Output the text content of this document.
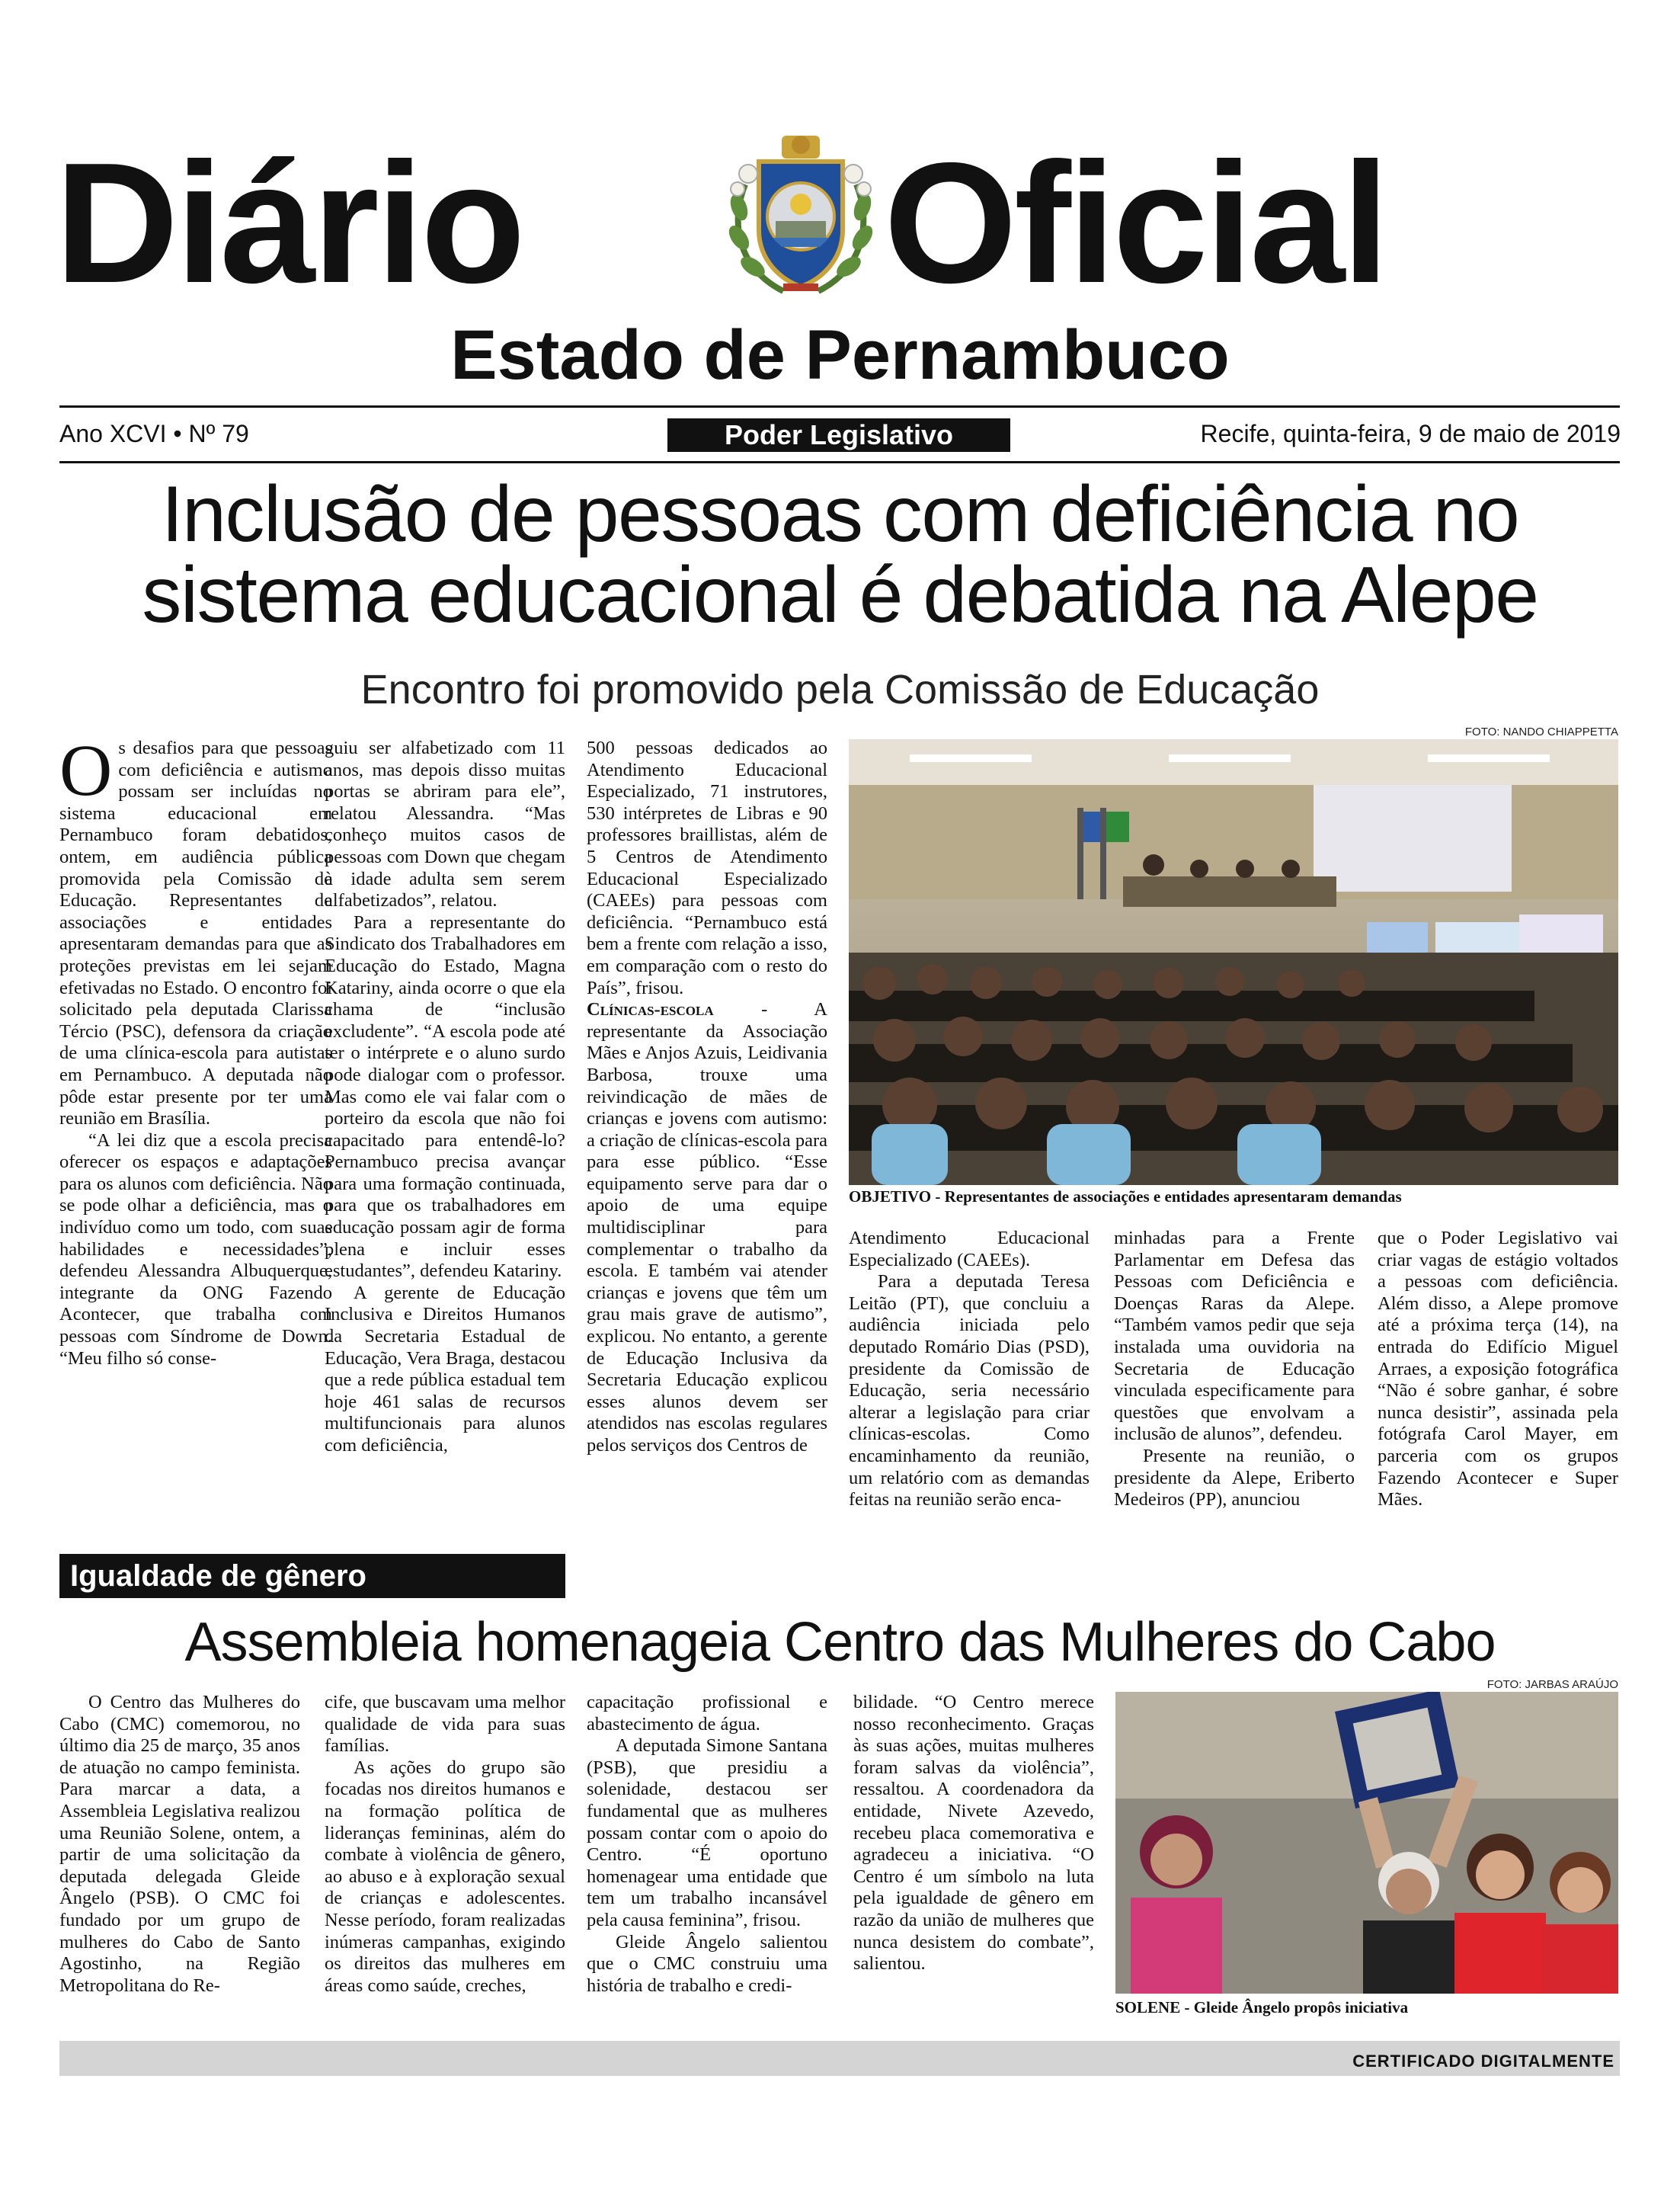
Diário Oficial
Estado de Pernambuco
Ano XCVI • Nº 79	Poder Legislativo	Recife, quinta-feira, 9 de maio de 2019
Inclusão de pessoas com deficiência no
sistema educacional é debatida na Alepe
Encontro foi promovido pela Comissão de Educação
O s desafios para que pessoas com deficiência e autismo possam ser incluídas no sistema educacional em Pernambuco foram debatidos, ontem, em audiência pública promovida pela Comissão de Educação. Representantes de associações e entidades apresentaram demandas para que as proteções previstas em lei sejam efetivadas no Estado. O encontro foi solicitado pela deputada Clarissa Tércio (PSC), defensora da criação de uma clínica-escola para autistas em Pernambuco. A deputada não pôde estar presente por ter uma reunião em Brasília.

“A lei diz que a escola precisa oferecer os espaços e adaptações para os alunos com deficiência. Não se pode olhar a deficiência, mas o indivíduo como um todo, com suas habilidades e necessidades”, defendeu Alessandra Albuquerque, integrante da ONG Fazendo Acontecer, que trabalha com pessoas com Síndrome de Down. “Meu filho só conse-

guiu ser alfabetizado com 11 anos, mas depois disso muitas portas se abriram para ele”, relatou Alessandra. “Mas conheço muitos casos de pessoas com Down que chegam à idade adulta sem serem alfabetizados”, relatou.

Para a representante do Sindicato dos Trabalhadores em Educação do Estado, Magna Katariny, ainda ocorre o que ela chama de “inclusão excludente”. “A escola pode até ter o intérprete e o aluno surdo pode dialogar com o professor. Mas como ele vai falar com o porteiro da escola que não foi capacitado para entendê-lo? Pernambuco precisa avançar para uma formação continuada, para que os trabalhadores em educação possam agir de forma plena e incluir esses estudantes”, defendeu Katariny.

A gerente de Educação Inclusiva e Direitos Humanos da Secretaria Estadual de Educação, Vera Braga, destacou que a rede pública estadual tem hoje 461 salas de recursos multifuncionais para alunos com deficiência,

500 pessoas dedicados ao Atendimento Educacional Especializado, 71 instrutores, 530 intérpretes de Libras e 90 professores braillistas, além de 5 Centros de Atendimento Educacional Especializado (CAEEs) para pessoas com deficiência. “Pernambuco está bem a frente com relação a isso, em comparação com o resto do País”, frisou.

Clínicas-escola - A representante da Associação Mães e Anjos Azuis, Leidivania Barbosa, trouxe uma reivindicação de mães de crianças e jovens com autismo: a criação de clínicas-escola para para esse público. “Esse equipamento serve para dar o apoio de uma equipe multidisciplinar para complementar o trabalho da escola. E também vai atender crianças e jovens que têm um grau mais grave de autismo”, explicou. No entanto, a gerente de Educação Inclusiva da Secretaria Educação explicou esses alunos devem ser atendidos nas escolas regulares pelos serviços dos Centros de

FOTO: NANDO CHIAPPETTA
OBJETIVO - Representantes de associações e entidades apresentaram demandas

Atendimento Educacional Especializado (CAEEs).

Para a deputada Teresa Leitão (PT), que concluiu a audiência iniciada pelo deputado Romário Dias (PSD), presidente da Comissão de Educação, seria necessário alterar a legislação para criar clínicas-escolas. Como encaminhamento da reunião, um relatório com as demandas feitas na reunião serão enca-

minhadas para a Frente Parlamentar em Defesa das Pessoas com Deficiência e Doenças Raras da Alepe. “Também vamos pedir que seja instalada uma ouvidoria na Secretaria de Educação vinculada especificamente para questões que envolvam a inclusão de alunos”, defendeu.

Presente na reunião, o presidente da Alepe, Eriberto Medeiros (PP), anunciou

que o Poder Legislativo vai criar vagas de estágio voltados a pessoas com deficiência. Além disso, a Alepe promove até a próxima terça (14), na entrada do Edifício Miguel Arraes, a exposição fotográfica “Não é sobre ganhar, é sobre nunca desistir”, assinada pela fotógrafa Carol Mayer, em parceria com os grupos Fazendo Acontecer e Super Mães.

Igualdade de gênero
Assembleia homenageia Centro das Mulheres do Cabo

O Centro das Mulheres do Cabo (CMC) comemorou, no último dia 25 de março, 35 anos de atuação no campo feminista. Para marcar a data, a Assembleia Legislativa realizou uma Reunião Solene, ontem, a partir de uma solicitação da deputada delegada Gleide Ângelo (PSB). O CMC foi fundado por um grupo de mulheres do Cabo de Santo Agostinho, na Região Metropolitana do Re-

cife, que buscavam uma melhor qualidade de vida para suas famílias.

As ações do grupo são focadas nos direitos humanos e na formação política de lideranças femininas, além do combate à violência de gênero, ao abuso e à exploração sexual de crianças e adolescentes. Nesse período, foram realizadas inúmeras campanhas, exigindo os direitos das mulheres em áreas como saúde, creches,

capacitação profissional e abastecimento de água.

A deputada Simone Santana (PSB), que presidiu a solenidade, destacou ser fundamental que as mulheres possam contar com o apoio do Centro. “É oportuno homenagear uma entidade que tem um trabalho incansável pela causa feminina”, frisou.

Gleide Ângelo salientou que o CMC construiu uma história de trabalho e credi-

bilidade. “O Centro merece nosso reconhecimento. Graças às suas ações, muitas mulheres foram salvas da violência”, ressaltou. A coordenadora da entidade, Nivete Azevedo, recebeu placa comemorativa e agradeceu a iniciativa. “O Centro é um símbolo na luta pela igualdade de gênero em razão da união de mulheres que nunca desistem do combate”, salientou.

FOTO: JARBAS ARAÚJO
SOLENE - Gleide Ângelo propôs iniciativa
CERTIFICADO DIGITALMENTE
